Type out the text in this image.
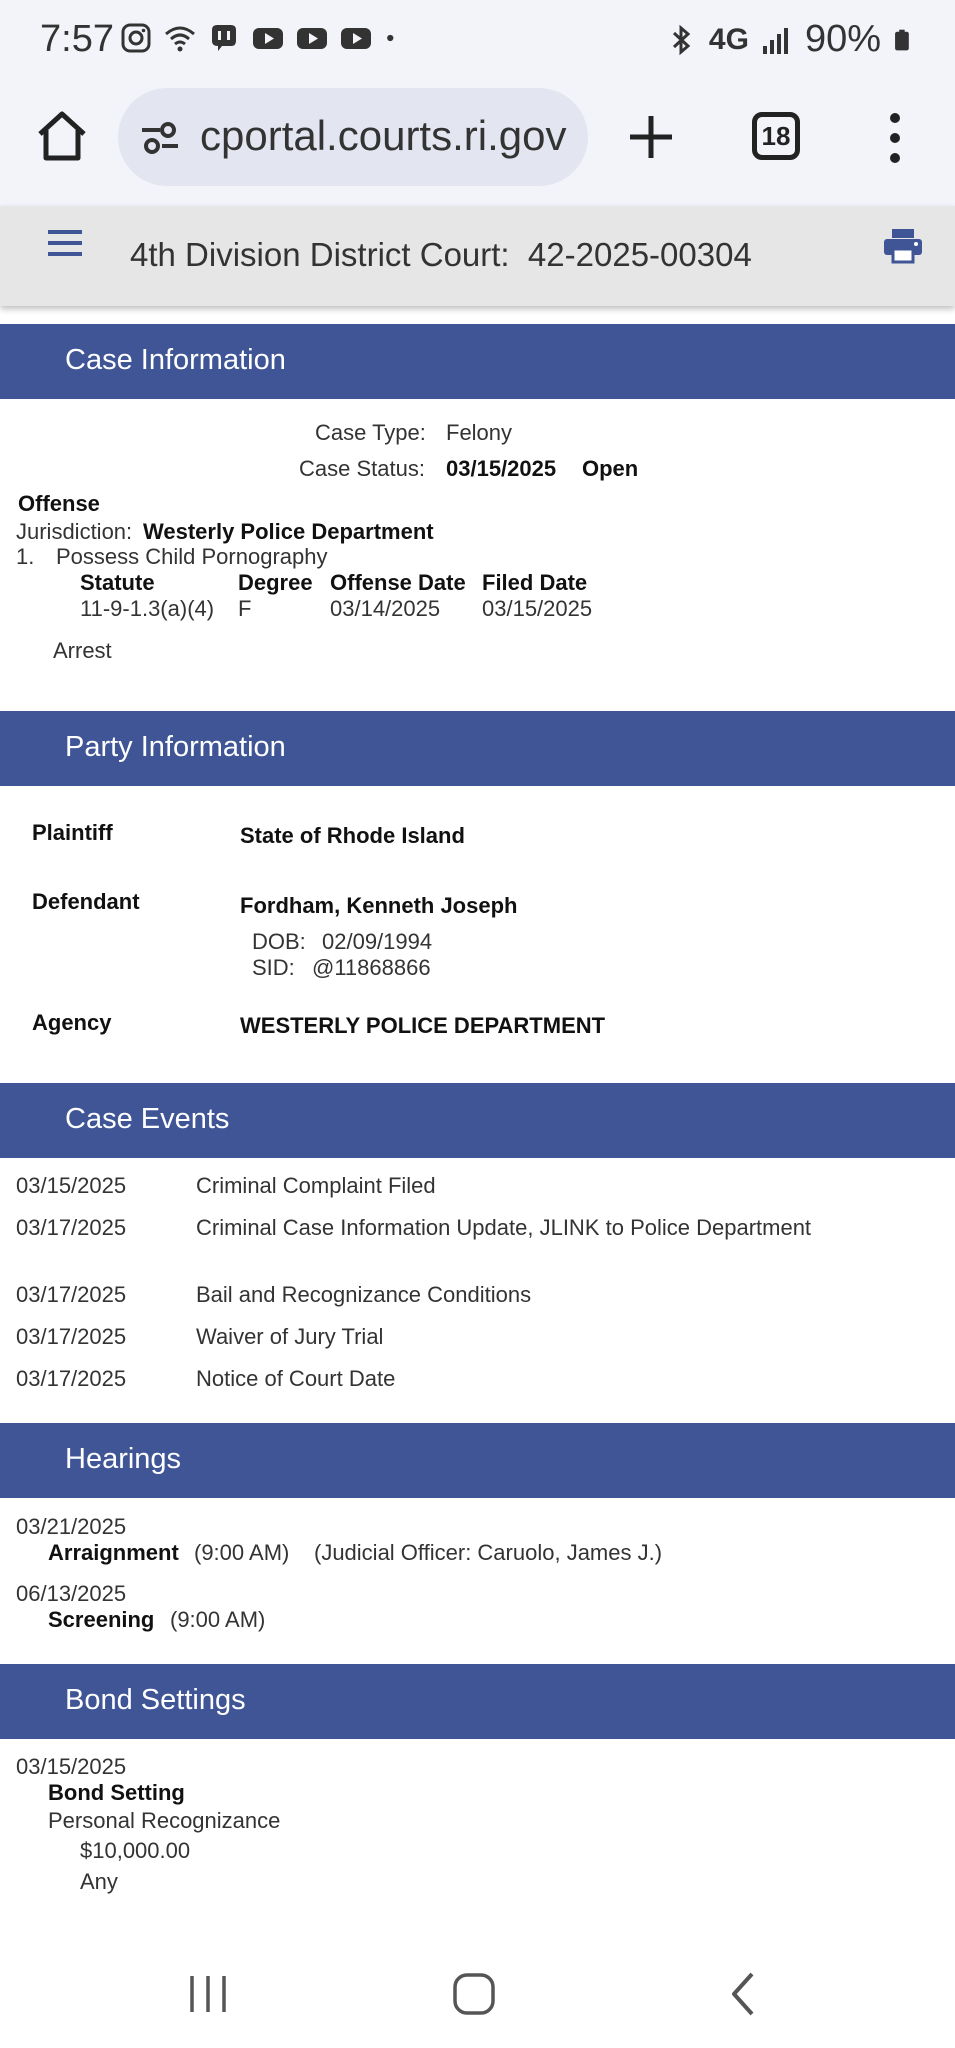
7:57	4G 90%
cportal.courts.ri.gov	18
4th Division District Court:  42-2025-00304
Case Information
Case Type: Felony
Case Status: 03/15/2025 Open
Offense
Jurisdiction: Westerly Police Department
1. Possess Child Pornography
Statute	Degree Offense Date Filed Date
11-9-1.3(a)(4) F	03/14/2025 03/15/2025
Arrest
Party Information
Plaintiff	State of Rhode Island
Defendant	Fordham, Kenneth Joseph
DOB: 02/09/1994
SID: @11868866
Agency	WESTERLY POLICE DEPARTMENT
Case Events
03/15/2025	Criminal Complaint Filed
03/17/2025	Criminal Case Information Update, JLINK to Police Department
03/17/2025	Bail and Recognizance Conditions
03/17/2025	Waiver of Jury Trial
03/17/2025	Notice of Court Date
Hearings
03/21/2025
Arraignment (9:00 AM) (Judicial Officer: Caruolo, James J.)
06/13/2025
Screening (9:00 AM)
Bond Settings
03/15/2025
Bond Setting
Personal Recognizance
$10,000.00
Any
